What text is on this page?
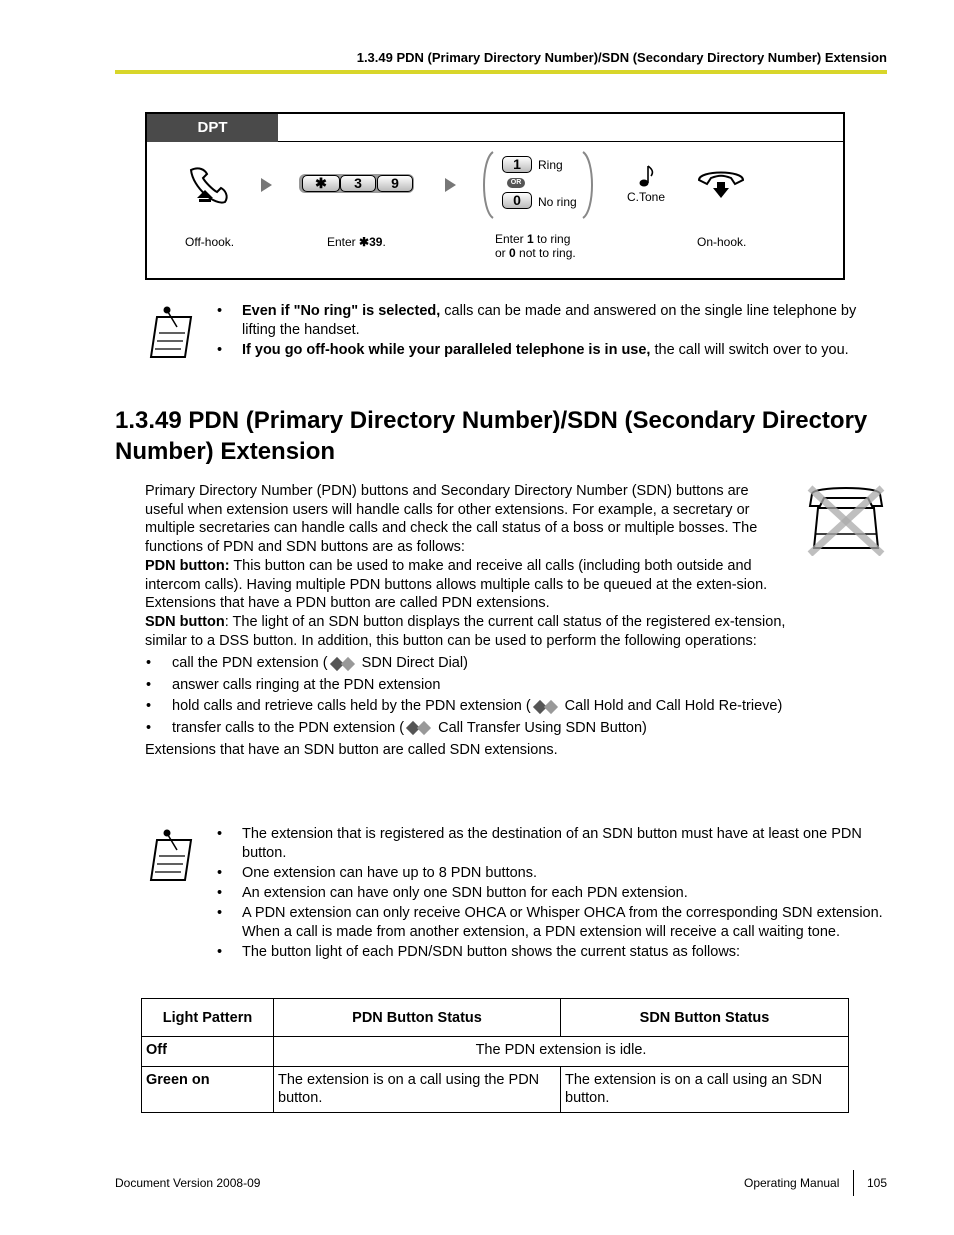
1.3.49 PDN (Primary Directory Number)/SDN (Secondary Directory Number) Extension
DPT
Off-hook.
✱	3	9
Enter ✱39.
1
OR
0
Ring
No ring
Enter 1 to ring
or 0 not to ring.
C.Tone
On-hook.
• Even if "No ring" is selected, calls can be made and answered on the single line telephone by lifting the handset.
• If you go off-hook while your paralleled telephone is in use, the call will switch over to you.
1.3.49 PDN (Primary Directory Number)/SDN (Secondary Directory Number) Extension

Primary Directory Number (PDN) buttons and Secondary Directory Number (SDN) buttons are useful when extension users will handle calls for other extensions. For example, a secretary or multiple secretaries can handle calls and check the call status of a boss or multiple bosses. The functions of PDN and SDN buttons are as follows:

PDN button: This button can be used to make and receive all calls (including both outside and intercom calls). Having multiple PDN buttons allows multiple calls to be queued at the exten-sion. Extensions that have a PDN button are called PDN extensions.

SDN button: The light of an SDN button displays the current call status of the registered ex-tension, similar to a DSS button. In addition, this button can be used to perform the following operations:

• call the PDN extension (
SDN Direct Dial)
• answer calls ringing at the PDN extension
• hold calls and retrieve calls held by the PDN extension (
Call Hold and Call Hold Re-trieve)
• transfer calls to the PDN extension (
Call Transfer Using SDN Button)

Extensions that have an SDN button are called SDN extensions.

• The extension that is registered as the destination of an SDN button must have at least one PDN button.
• One extension can have up to 8 PDN buttons.
• An extension can have only one SDN button for each PDN extension.
• A PDN extension can only receive OHCA or Whisper OHCA from the corresponding SDN extension. When a call is made from another extension, a PDN extension will receive a call waiting tone.
• The button light of each PDN/SDN button shows the current status as follows:
Light Pattern	PDN Button Status	SDN Button Status
Off	The PDN extension is idle.	
Green on	The extension is on a call using the PDN button.	The extension is on a call using an SDN button.
Document Version 2008-09	Operating Manual 105
